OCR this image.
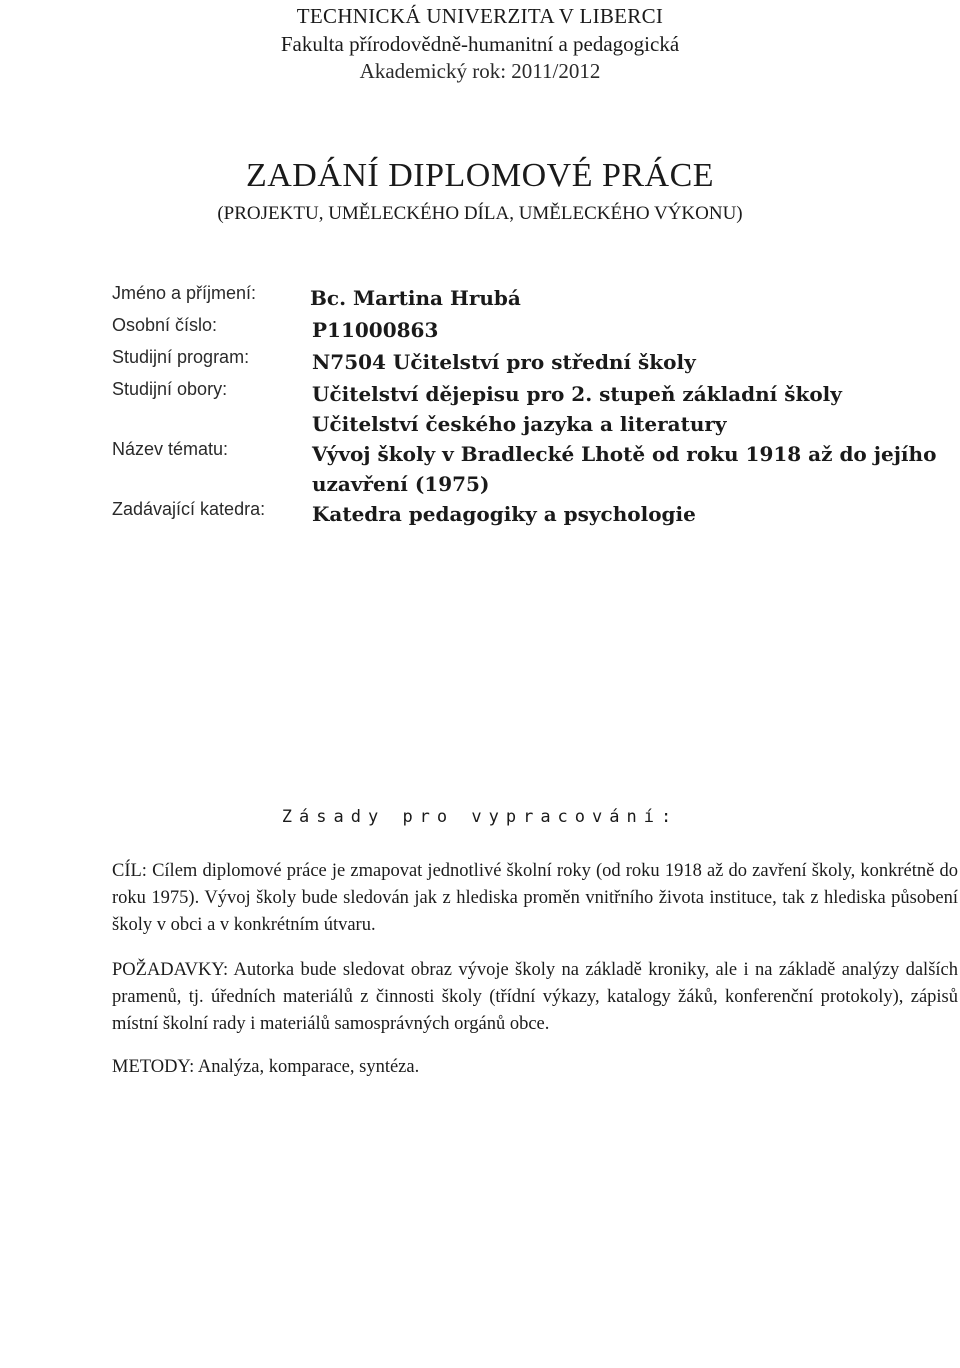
TECHNICKÁ UNIVERZITA V LIBERCI
Fakulta přírodovědně-humanitní a pedagogická
Akademický rok: 2011/2012
ZADÁNÍ DIPLOMOVÉ PRÁCE
(PROJEKTU, UMĚLECKÉHO DÍLA, UMĚLECKÉHO VÝKONU)
Jméno a příjmení:	Bc. Martina Hrubá
Osobní číslo:	P11000863
Studijní program:	N7504 Učitelství pro střední školy
Studijní obory:	Učitelství dějepisu pro 2. stupeň základní školy
Učitelství českého jazyka a literatury
Název tématu:	Vývoj školy v Bradlecké Lhotě od roku 1918 až do jejího uzavření (1975)
Zadávající katedra: Katedra pedagogiky a psychologie
Zásady pro vypracování:
CÍL: Cílem diplomové práce je zmapovat jednotlivé školní roky (od roku 1918 až do zavření školy, konkrétně do roku 1975). Vývoj školy bude sledován jak z hlediska proměn vnitřního života instituce, tak z hlediska působení školy v obci a v konkrétním útvaru.
POŽADAVKY: Autorka bude sledovat obraz vývoje školy na základě kroniky, ale i na základě analýzy dalších pramenů, tj. úředních materiálů z činnosti školy (třídní výkazy, katalogy žáků, konferenční protokoly), zápisů místní školní rady i materiálů samosprávných orgánů obce.
METODY: Analýza, komparace, syntéza.
